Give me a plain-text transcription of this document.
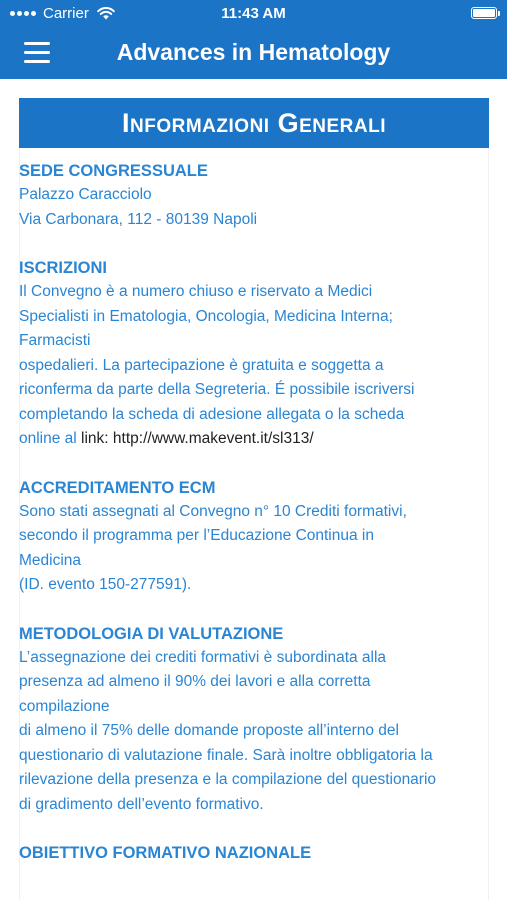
Carrier	11:43 AM
Advances in Hematology
Informazioni Generali
SEDE CONGRESSUALE

Palazzo Caracciolo
Via Carbonara, 112 - 80139 Napoli

ISCRIZIONI

Il Convegno è a numero chiuso e riservato a Medici
Specialisti in Ematologia, Oncologia, Medicina Interna;
Farmacisti
ospedalieri. La partecipazione è gratuita e soggetta a
riconferma da parte della Segreteria. É possibile iscriversi
completando la scheda di adesione allegata o la scheda
online al link: http://www.makevent.it/sl313/

ACCREDITAMENTO ECM

Sono stati assegnati al Convegno n° 10 Crediti formativi,
secondo il programma per l’Educazione Continua in
Medicina
(ID. evento 150-277591).

METODOLOGIA DI VALUTAZIONE

L’assegnazione dei crediti formativi è subordinata alla
presenza ad almeno il 90% dei lavori e alla corretta
compilazione
di almeno il 75% delle domande proposte all’interno del
questionario di valutazione finale. Sarà inoltre obbligatoria la
rilevazione della presenza e la compilazione del questionario
di gradimento dell’evento formativo.

OBIETTIVO FORMATIVO NAZIONALE
